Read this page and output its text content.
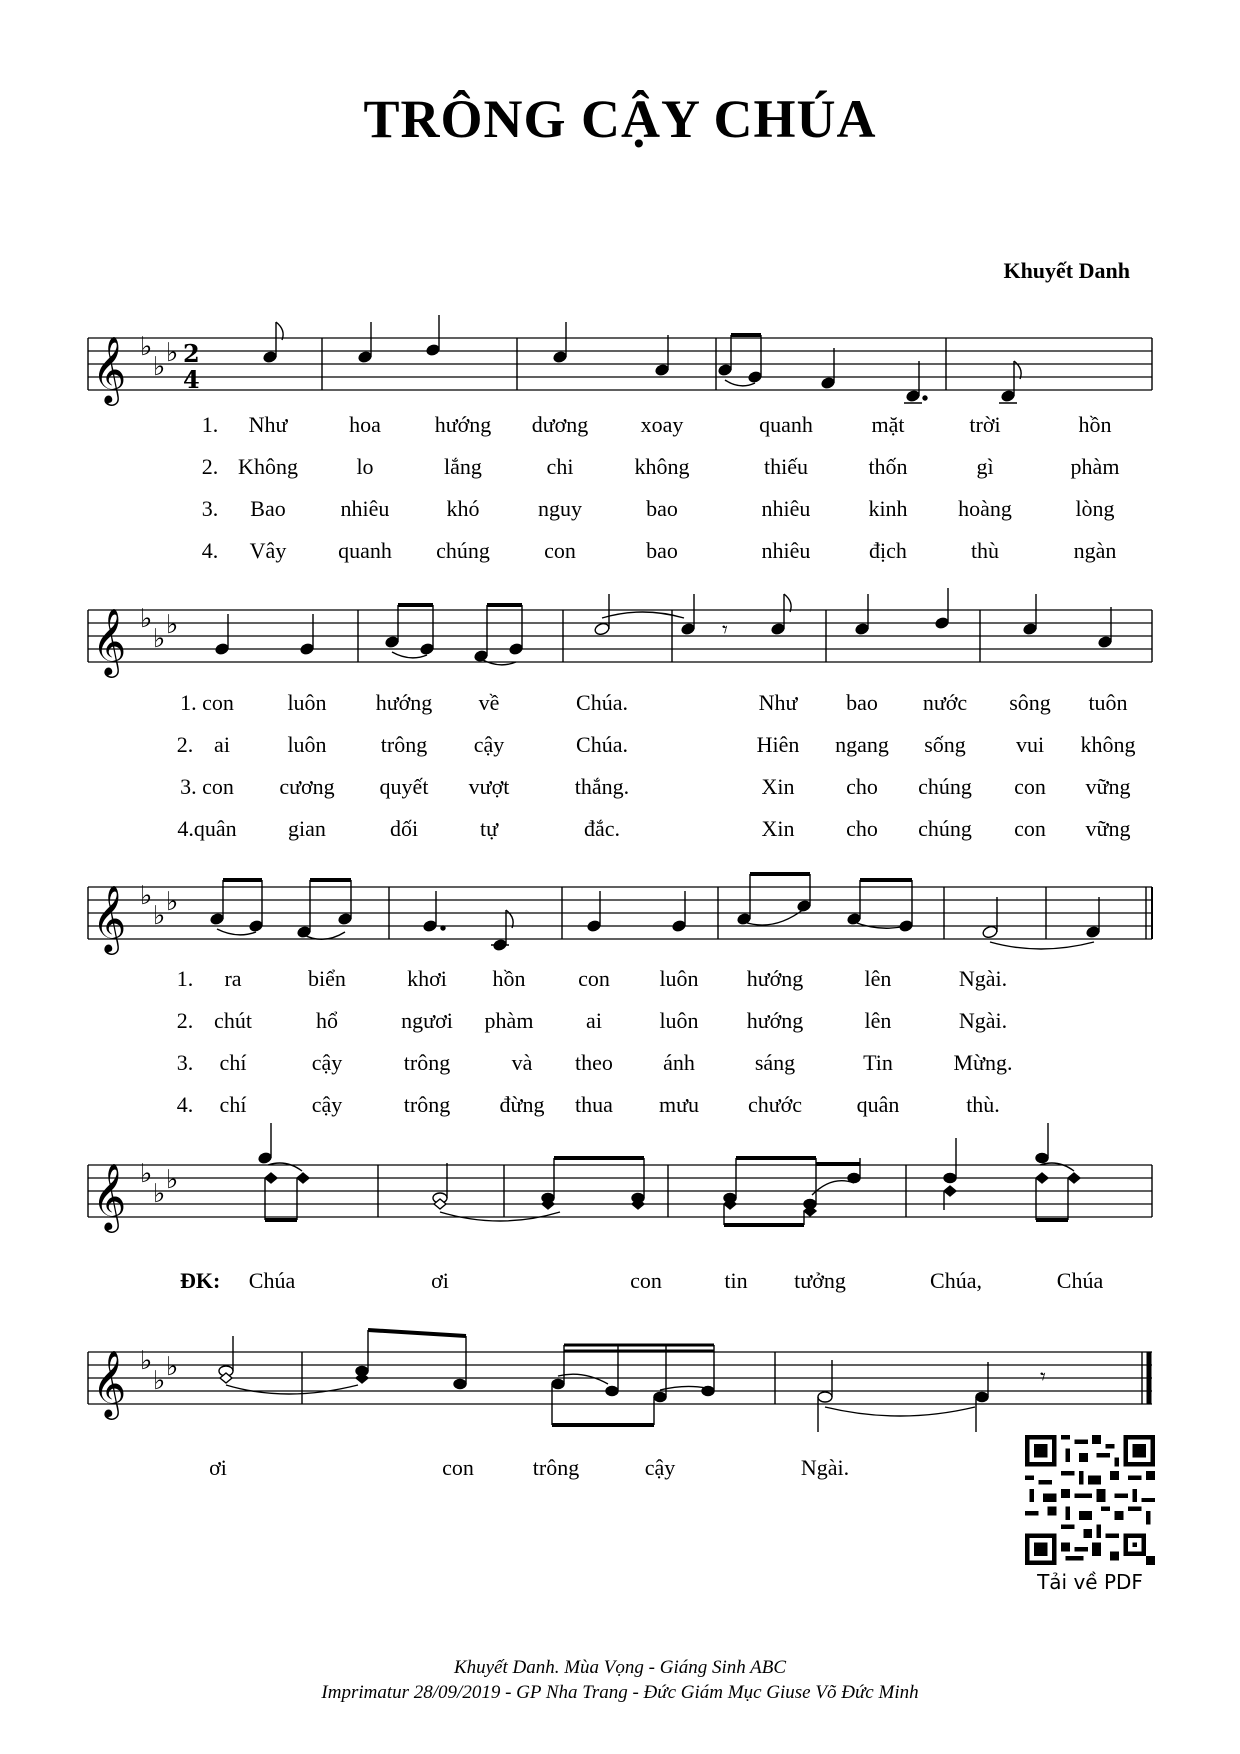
TRÔNG CẬY CHÚA
Khuyết Danh
𝄞 ♭
♭ ♭ 2
4
1. Như	hoa hướng dương xoay	quanh	mặt	trời	hồn
2. Không	lo	lắng	chi	không	thiếu	thốn	gì	phàm
3. Bao nhiêu	khó	nguy	bao	nhiêu	kinh hoàng	lòng
4. Vây quanh chúng con	bao	nhiêu	địch	thù	ngàn
𝄞 ♭
♭ ♭	𝄾
1. con luôn hướng về	Chúa.	Như bao nước sông tuôn
2. ai	luôn trông cậy	Chúa.	Hiên ngang sống vui không
3. con cương quyết vượt	thắng.	Xin cho chúng con vững
4.quân gian	dối	tự	đắc.	Xin cho chúng con vững
𝄞 ♭
♭ ♭
1. ra	biển	khơi hồn con luôn hướng	lên	Ngài.
2. chút	hổ	ngươi phàm ai	luôn hướng	lên	Ngài.
3. chí	cậy	trông	và theo ánh	sáng	Tin	Mừng.
4. chí	cậy	trông đừng thua mưu chước quân	thù.
𝄞 ♭
♭ ♭
ĐK: Chúa	ơi	con	tin tưởng	Chúa,	Chúa
𝄞 ♭
♭ ♭	𝄾
ơi	con	trông	cậy	Ngài.
Tải về PDF
Khuyết Danh. Mùa Vọng - Giáng Sinh ABC
Imprimatur 28/09/2019 - GP Nha Trang - Đức Giám Mục Giuse Võ Đức Minh
